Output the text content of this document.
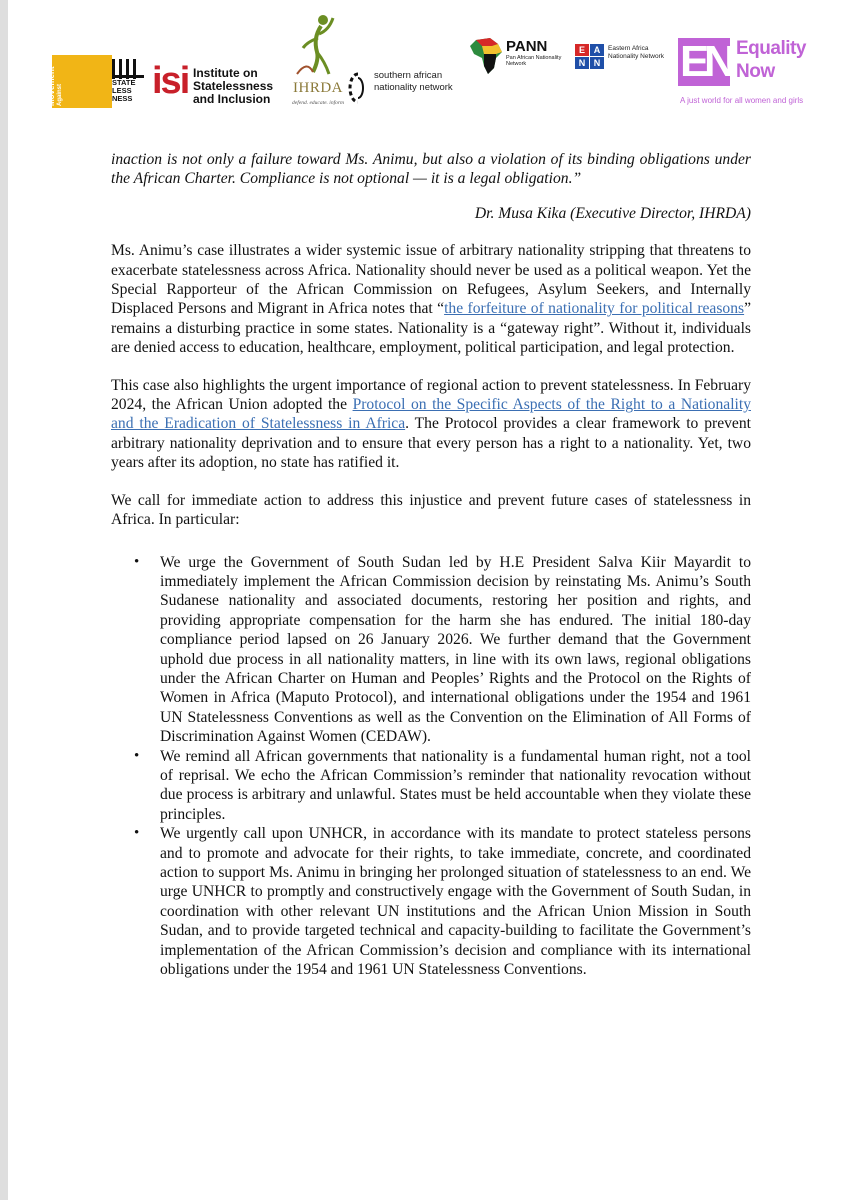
Global Movement Against
STATE
LESS
NESS isi Institute on Statelessness and Inclusion
IHRDA
defend. educate. inform
southern african nationality network
PANN
Pan African Nationality Network
E A
N N
Eastern Africa Nationality Network E
N Equality Now
A just world for all women and girls

inaction is not only a failure toward Ms. Animu, but also a violation of its binding obligations under the African Charter. Compliance is not optional — it is a legal obligation.”

Dr. Musa Kika (Executive Director, IHRDA)

Ms. Animu’s case illustrates a wider systemic issue of arbitrary nationality stripping that threatens to exacerbate statelessness across Africa. Nationality should never be used as a political weapon. Yet the Special Rapporteur of the African Commission on Refugees, Asylum Seekers, and Internally Displaced Persons and Migrant in Africa notes that “the forfeiture of nationality for political reasons” remains a disturbing practice in some states. Nationality is a “gateway right”. Without it, individuals are denied access to education, healthcare, employment, political participation, and legal protection.

This case also highlights the urgent importance of regional action to prevent statelessness. In February 2024, the African Union adopted the Protocol on the Specific Aspects of the Right to a Nationality and the Eradication of Statelessness in Africa. The Protocol provides a clear framework to prevent arbitrary nationality deprivation and to ensure that every person has a right to a nationality. Yet, two years after its adoption, no state has ratified it.

We call for immediate action to address this injustice and prevent future cases of statelessness in Africa. In particular:

• We urge the Government of South Sudan led by H.E President Salva Kiir Mayardit to immediately implement the African Commission decision by reinstating Ms. Animu’s South Sudanese nationality and associated documents, restoring her position and rights, and providing appropriate compensation for the harm she has endured. The initial 180-day compliance period lapsed on 26 January 2026. We further demand that the Government uphold due process in all nationality matters, in line with its own laws, regional obligations under the African Charter on Human and Peoples’ Rights and the Protocol on the Rights of Women in Africa (Maputo Protocol), and international obligations under the 1954 and 1961 UN Statelessness Conventions as well as the Convention on the Elimination of All Forms of Discrimination Against Women (CEDAW).
• We remind all African governments that nationality is a fundamental human right, not a tool of reprisal. We echo the African Commission’s reminder that nationality revocation without due process is arbitrary and unlawful. States must be held accountable when they violate these principles.
• We urgently call upon UNHCR, in accordance with its mandate to protect stateless persons and to promote and advocate for their rights, to take immediate, concrete, and coordinated action to support Ms. Animu in bringing her prolonged situation of statelessness to an end. We urge UNHCR to promptly and constructively engage with the Government of South Sudan, in coordination with other relevant UN institutions and the African Union Mission in South Sudan, and to provide targeted technical and capacity-building to facilitate the Government’s implementation of the African Commission’s decision and compliance with its international obligations under the 1954 and 1961 UN Statelessness Conventions.
